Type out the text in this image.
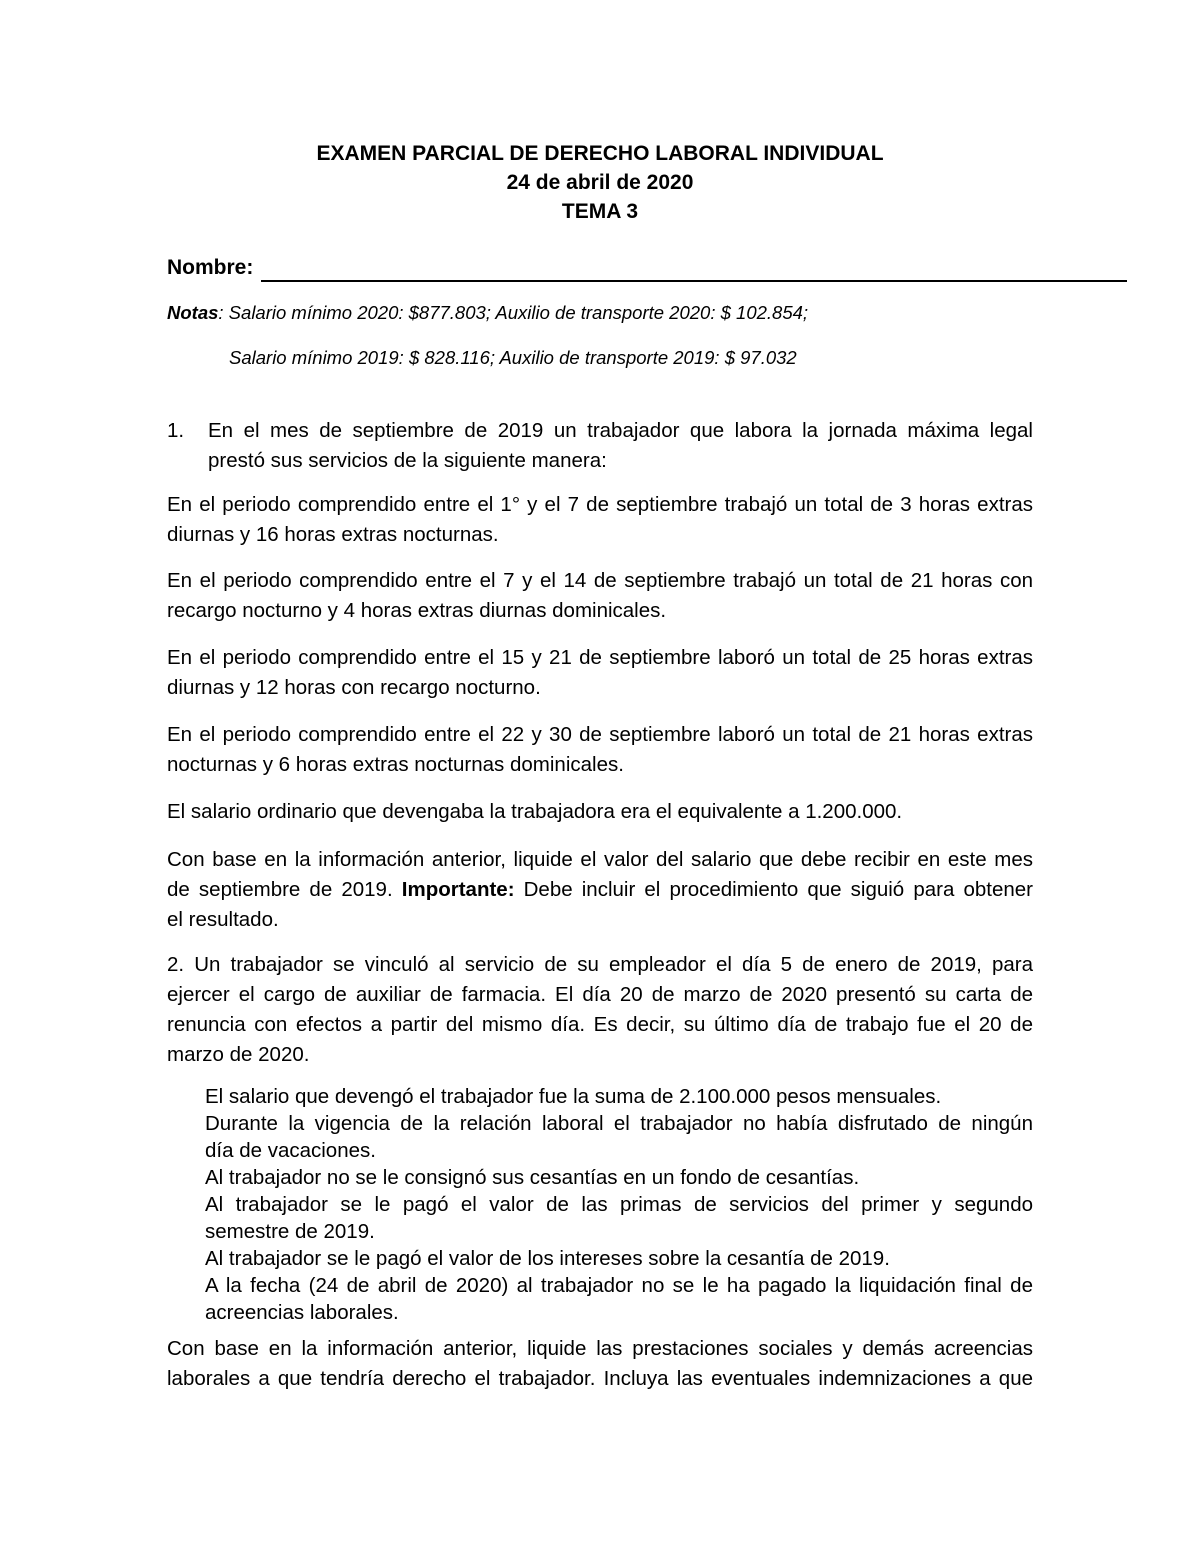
EXAMEN PARCIAL DE DERECHO LABORAL INDIVIDUAL
24 de abril de 2020
TEMA 3
Nombre:
Notas: Salario mínimo 2020: $877.803; Auxilio de transporte 2020: $ 102.854;
Salario mínimo 2019: $ 828.116; Auxilio de transporte 2019: $ 97.032
1. En el mes de septiembre de 2019 un trabajador que labora la jornada máxima legal
prestó sus servicios de la siguiente manera:
En el periodo comprendido entre el 1° y el 7 de septiembre trabajó un total de 3 horas extras
diurnas y 16 horas extras nocturnas.
En el periodo comprendido entre el 7 y el 14 de septiembre trabajó un total de 21 horas con
recargo nocturno y 4 horas extras diurnas dominicales.
En el periodo comprendido entre el 15 y 21 de septiembre laboró un total de 25 horas extras
diurnas y 12 horas con recargo nocturno.
En el periodo comprendido entre el 22 y 30 de septiembre laboró un total de 21 horas extras
nocturnas y 6 horas extras nocturnas dominicales.
El salario ordinario que devengaba la trabajadora era el equivalente a 1.200.000.
Con base en la información anterior, liquide el valor del salario que debe recibir en este mes
de septiembre de 2019. Importante: Debe incluir el procedimiento que siguió para obtener
el resultado.
2. Un trabajador se vinculó al servicio de su empleador el día 5 de enero de 2019, para
ejercer el cargo de auxiliar de farmacia. El día 20 de marzo de 2020 presentó su carta de
renuncia con efectos a partir del mismo día. Es decir, su último día de trabajo fue el 20 de
marzo de 2020.
El salario que devengó el trabajador fue la suma de 2.100.000 pesos mensuales.
Durante la vigencia de la relación laboral el trabajador no había disfrutado de ningún
día de vacaciones.
Al trabajador no se le consignó sus cesantías en un fondo de cesantías.
Al trabajador se le pagó el valor de las primas de servicios del primer y segundo
semestre de 2019.
Al trabajador se le pagó el valor de los intereses sobre la cesantía de 2019.
A la fecha (24 de abril de 2020) al trabajador no se le ha pagado la liquidación final de
acreencias laborales.
Con base en la información anterior, liquide las prestaciones sociales y demás acreencias
laborales a que tendría derecho el trabajador. Incluya las eventuales indemnizaciones a que
